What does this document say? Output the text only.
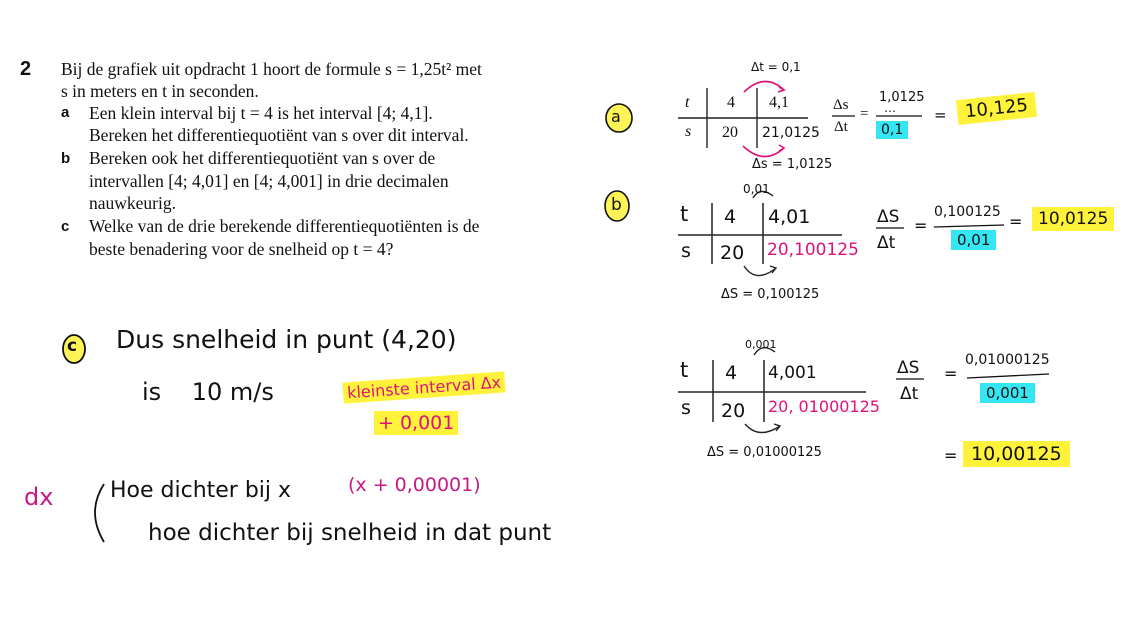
2 Bij de grafiek uit opdracht 1 hoort de formule s = 1,25t² met
s in meters en t in seconden.
a Een klein interval bij t = 4 is het interval [4; 4,1].
Bereken het differentiequotiënt van s over dit interval.
b Bereken ook het differentiequotiënt van s over de
intervallen [4; 4,01] en [4; 4,001] in drie decimalen
nauwkeurig.
c Welke van de drie berekende differentiequotiënten is de
beste benadering voor de snelheid op t = 4?
a
Δt = 0,1
t 4 4,1
s 20 21,0125
Δs = 1,0125
Δs
Δt
=
1,0125
…
0,1
= 10,125
b
0,01
t 4 4,01
s 20 20,100125
ΔS = 0,100125
ΔS
Δt
=
0,100125
0,01
= 10,0125
0,001
t 4 4,001
s 20 20, 01000125
ΔS = 0,01000125
ΔS
Δt
=
0,01000125
0,001
= 10,00125
c Dus snelheid in punt (4,20)
is    10 m/s	kleinste interval Δx
+ 0,001
dx	Hoe dichter bij x	(x + 0,00001)
hoe dichter bij snelheid in dat punt
